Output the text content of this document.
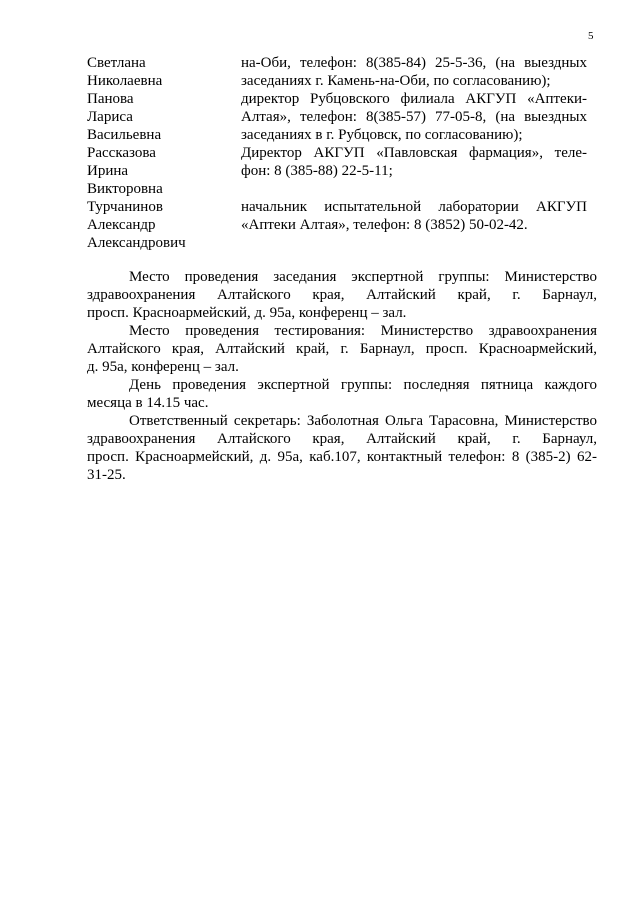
5
Светлана
Николаевна
на-Оби, телефон: 8(385-84) 25-5-36, (на выездных
заседаниях г. Камень-на-Оби, по согласованию);
Панова
Лариса
Васильевна
директор Рубцовского филиала АКГУП «Аптеки-
Алтая», телефон: 8(385-57) 77-05-8, (на выездных
заседаниях в г. Рубцовск, по согласованию);
Рассказова
Ирина
Викторовна
Директор АКГУП «Павловская фармация», теле-
фон: 8 (385-88) 22-5-11;
Турчанинов
Александр
Александрович
начальник испытательной лаборатории АКГУП
«Аптеки Алтая», телефон: 8 (3852) 50-02-42.
Место проведения заседания экспертной группы: Министерство
здравоохранения Алтайского края, Алтайский край, г. Барнаул,
просп. Красноармейский, д. 95а, конференц – зал.
Место проведения тестирования: Министерство здравоохранения
Алтайского края, Алтайский край, г. Барнаул, просп. Красноармейский,
д. 95а, конференц – зал.
День проведения экспертной группы: последняя пятница каждого
месяца в 14.15 час.
Ответственный секретарь: Заболотная Ольга Тарасовна, Министерство
здравоохранения Алтайского края, Алтайский край, г. Барнаул,
просп. Красноармейский, д. 95а, каб.107, контактный телефон: 8 (385-2) 62-
31-25.
